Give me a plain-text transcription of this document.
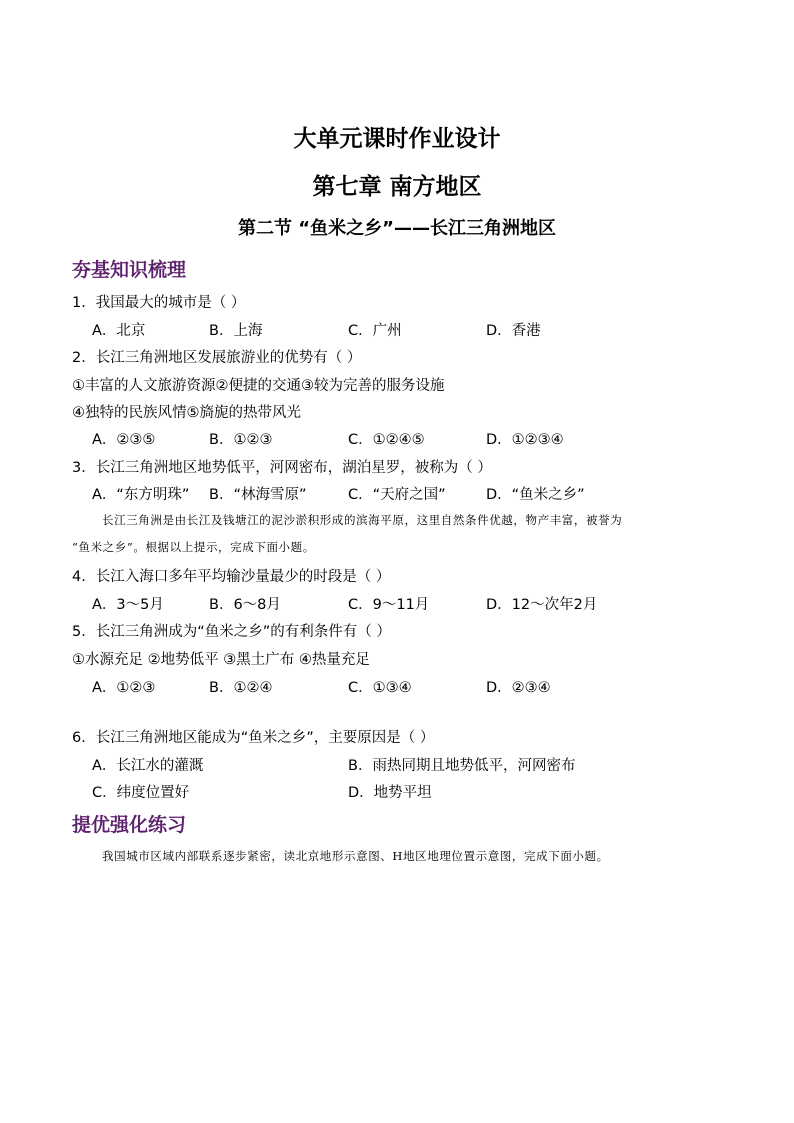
大单元课时作业设计
第七章 南方地区
第二节 “鱼米之乡”——长江三角洲地区
夯基知识梳理
1．我国最大的城市是（ ）
A．北京	B．上海	C．广州	D．香港
2．长江三角洲地区发展旅游业的优势有（ ）
①丰富的人文旅游资源②便捷的交通③较为完善的服务设施
④独特的民族风情⑤旖旎的热带风光
A．②③⑤	B．①②③	C．①②④⑤	D．①②③④
3．长江三角洲地区地势低平，河网密布，湖泊星罗，被称为（ ）
A．“东方明珠” B．“林海雪原”	C．“天府之国”	D．“鱼米之乡”
长江三角洲是由长江及钱塘江的泥沙淤积形成的滨海平原，这里自然条件优越，物产丰富，被誉为
“鱼米之乡”。根据以上提示，完成下面小题。
4．长江入海口多年平均输沙量最少的时段是（ ）
A．3～5月	B．6～8月	C．9～11月	D．12～次年2月
5．长江三角洲成为“鱼米之乡”的有利条件有（ ）
①水源充足 ②地势低平 ③黑土广布 ④热量充足
A．①②③	B．①②④	C．①③④	D．②③④
6．长江三角洲地区能成为“鱼米之乡”，主要原因是（ ）
A．长江水的灌溉	B．雨热同期且地势低平，河网密布
C．纬度位置好	D．地势平坦
提优强化练习
我国城市区域内部联系逐步紧密，读北京地形示意图、H地区地理位置示意图，完成下面小题。
